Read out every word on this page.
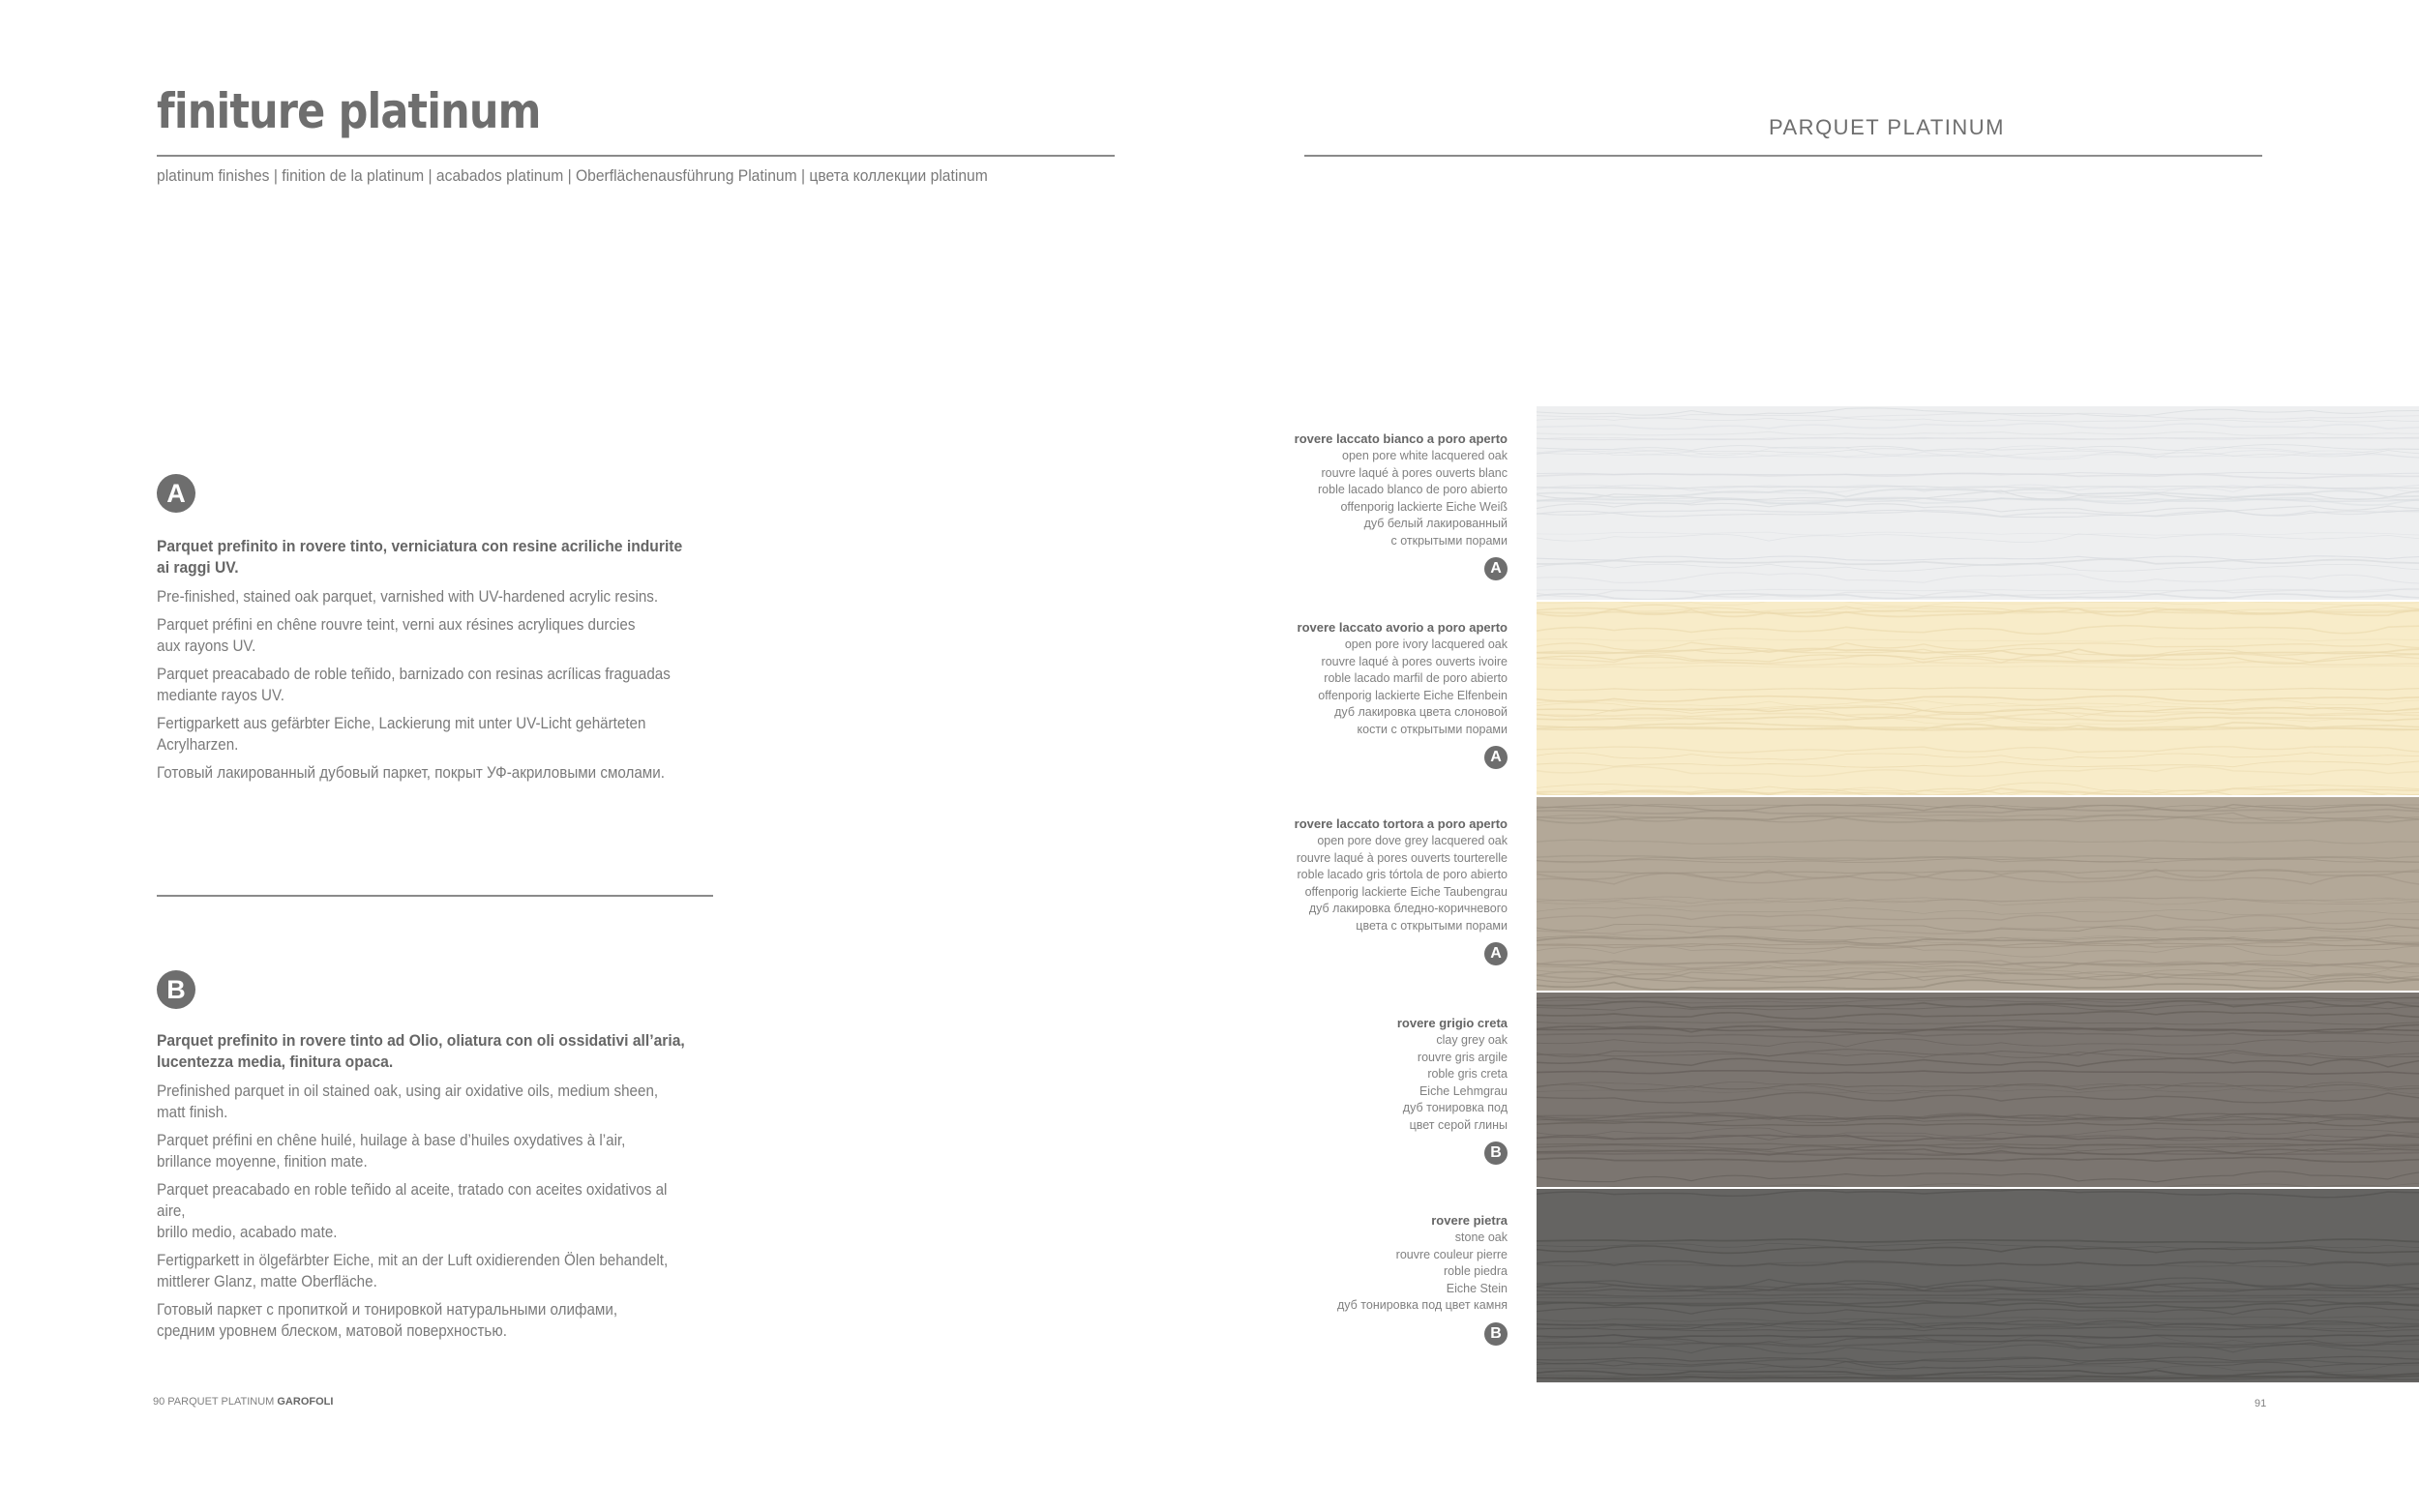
finiture platinum
platinum finishes | finition de la platinum | acabados platinum | Oberflächenausführung Platinum | цвета коллекции platinum
PARQUET PLATINUM
A
Parquet prefinito in rovere tinto, verniciatura con resine acriliche indurite ai raggi UV.
Pre-finished, stained oak parquet, varnished with UV-hardened acrylic resins.
Parquet préfini en chêne rouvre teint, verni aux résines acryliques durcies
aux rayons UV.
Parquet preacabado de roble teñido, barnizado con resinas acrílicas fraguadas
mediante rayos UV.
Fertigparkett aus gefärbter Eiche, Lackierung mit unter UV-Licht gehärteten
Acrylharzen.
Готовый лакированный дубовый паркет, покрыт УФ-акриловыми смолами.
B
Parquet prefinito in rovere tinto ad Olio, oliatura con oli ossidativi all’aria, lucentezza media, finitura opaca.
Prefinished parquet in oil stained oak, using air oxidative oils, medium sheen,
matt finish.
Parquet préfini en chêne huilé, huilage à base d’huiles oxydatives à l’air,
brillance moyenne, finition mate.
Parquet preacabado en roble teñido al aceite, tratado con aceites oxidativos al aire,
brillo medio, acabado mate.
Fertigparkett in ölgefärbter Eiche, mit an der Luft oxidierenden Ölen behandelt,
mittlerer Glanz, matte Oberfläche.
Готовый паркет с пропиткой и тонировкой натуральными олифами,
средним уровнем блеском, матовой поверхностью.
rovere laccato bianco a poro aperto
open pore white lacquered oak
rouvre laqué à pores ouverts blanc
roble lacado blanco de poro abierto
offenporig lackierte Eiche Weiß
дуб белый лакированный
с открытыми порами
A
rovere laccato avorio a poro aperto
open pore ivory lacquered oak
rouvre laqué à pores ouverts ivoire
roble lacado marfil de poro abierto
offenporig lackierte Eiche Elfenbein
дуб лакировка цвета слоновой
кости с открытыми порами
A
rovere laccato tortora a poro aperto
open pore dove grey lacquered oak
rouvre laqué à pores ouverts tourterelle
roble lacado gris tórtola de poro abierto
offenporig lackierte Eiche Taubengrau
дуб лакировка бледно-коричневого
цвета с открытыми порами
A
rovere grigio creta
clay grey oak
rouvre gris argile
roble gris creta
Eiche Lehmgrau
дуб тонировка под
цвет серой глины
B
rovere pietra
stone oak
rouvre couleur pierre
roble piedra
Eiche Stein
дуб тонировка под цвет камня
B
90 PARQUET PLATINUM GAROFOLI	91
